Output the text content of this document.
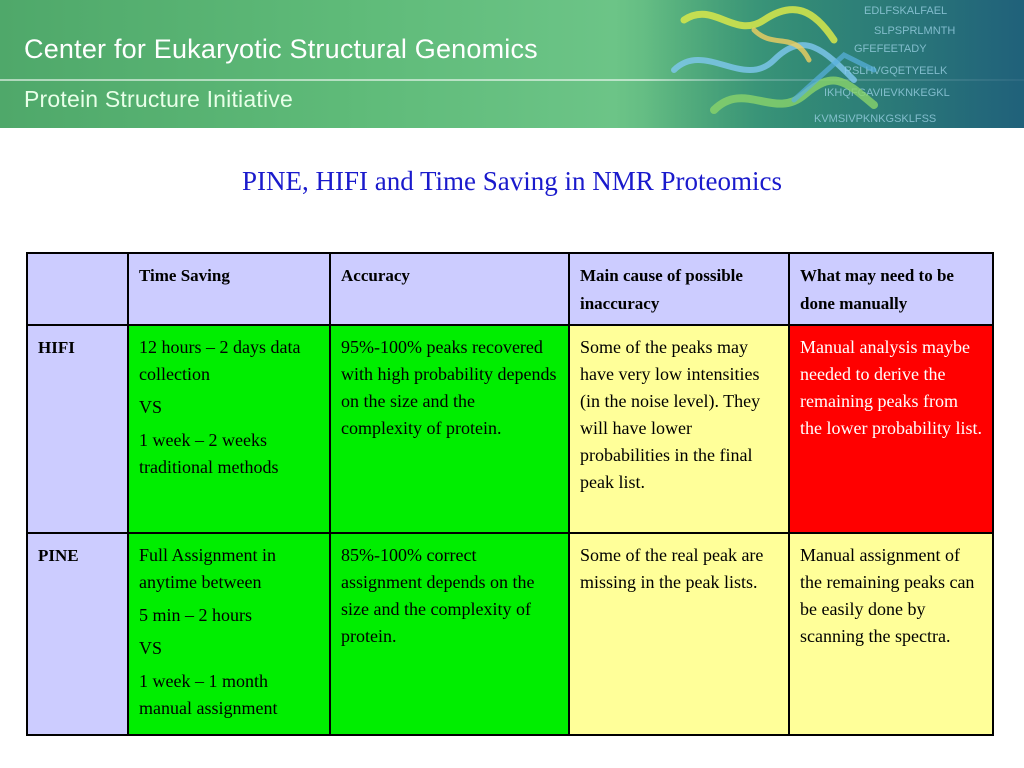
Center for Eukaryotic Structural Genomics
Protein Structure Initiative
EDLFSKALFAEL
SLPSPRLMNTH
GFEFEETADY
RSLHVGQETYEELK
IKHQFGAVIEVKNKEGKL
KVMSIVPKNKGSKLFSS
PINE, HIFI and Time Saving in NMR Proteomics
	Time Saving	Accuracy	Main cause of possible inaccuracy	What may need to be done manually
HIFI	12 hours – 2 days data collection

VS

1 week – 2 weeks traditional methods	95%-100% peaks recovered with high probability depends on the size and the complexity of protein.	Some of the peaks may have very low intensities (in the noise level). They will have lower probabilities in the final peak list.	Manual analysis maybe needed to derive the remaining peaks from the lower probability list.
PINE	Full Assignment in anytime between

5 min – 2 hours

VS

1 week – 1 month manual assignment	85%-100% correct assignment depends on the size and the complexity of protein.	Some of the real peak are missing in the peak lists.	Manual assignment of the remaining peaks can be easily done by scanning the spectra.
